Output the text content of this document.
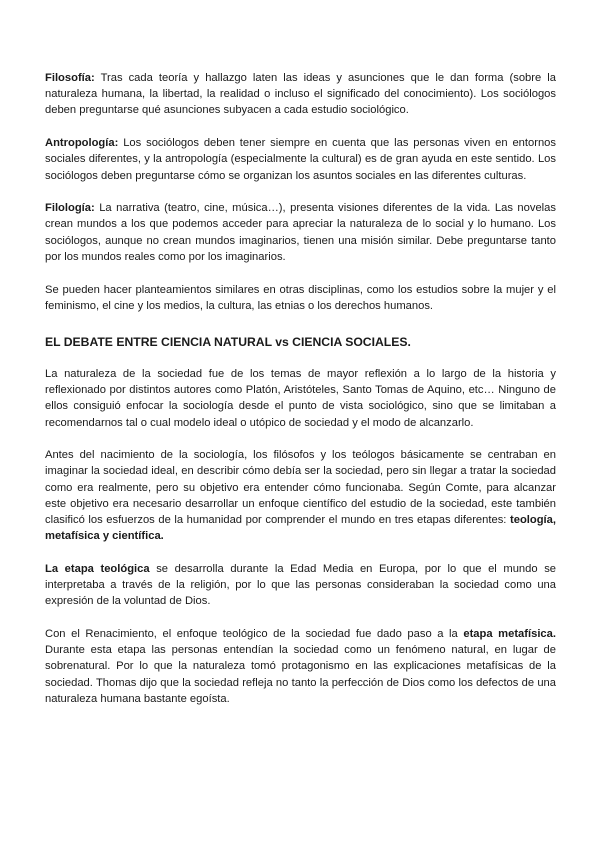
Filosofía: Tras cada teoría y hallazgo laten las ideas y asunciones que le dan forma (sobre la naturaleza humana, la libertad, la realidad o incluso el significado del conocimiento). Los sociólogos deben preguntarse qué asunciones subyacen a cada estudio sociológico.

Antropología: Los sociólogos deben tener siempre en cuenta que las personas viven en entornos sociales diferentes, y la antropología (especialmente la cultural) es de gran ayuda en este sentido. Los sociólogos deben preguntarse cómo se organizan los asuntos sociales en las diferentes culturas.

Filología: La narrativa (teatro, cine, música…), presenta visiones diferentes de la vida. Las novelas crean mundos a los que podemos acceder para apreciar la naturaleza de lo social y lo humano. Los sociólogos, aunque no crean mundos imaginarios, tienen una misión similar. Debe preguntarse tanto por los mundos reales como por los imaginarios.

Se pueden hacer planteamientos similares en otras disciplinas, como los estudios sobre la mujer y el feminismo, el cine y los medios, la cultura, las etnias o los derechos humanos.

EL DEBATE ENTRE CIENCIA NATURAL vs CIENCIA SOCIALES.

La naturaleza de la sociedad fue de los temas de mayor reflexión a lo largo de la historia y reflexionado por distintos autores como Platón, Aristóteles, Santo Tomas de Aquino, etc… Ninguno de ellos consiguió enfocar la sociología desde el punto de vista sociológico, sino que se limitaban a recomendarnos tal o cual modelo ideal o utópico de sociedad y el modo de alcanzarlo.

Antes del nacimiento de la sociología, los filósofos y los teólogos básicamente se centraban en imaginar la sociedad ideal, en describir cómo debía ser la sociedad, pero sin llegar a tratar la sociedad como era realmente, pero su objetivo era entender cómo funcionaba. Según Comte, para alcanzar este objetivo era necesario desarrollar un enfoque científico del estudio de la sociedad, este también clasificó los esfuerzos de la humanidad por comprender el mundo en tres etapas diferentes: teología, metafísica y científica.

La etapa teológica se desarrolla durante la Edad Media en Europa, por lo que el mundo se interpretaba a través de la religión, por lo que las personas consideraban la sociedad como una expresión de la voluntad de Dios.

Con el Renacimiento, el enfoque teológico de la sociedad fue dado paso a la etapa metafísica. Durante esta etapa las personas entendían la sociedad como un fenómeno natural, en lugar de sobrenatural. Por lo que la naturaleza tomó protagonismo en las explicaciones metafísicas de la sociedad. Thomas dijo que la sociedad refleja no tanto la perfección de Dios como los defectos de una naturaleza humana bastante egoísta.
